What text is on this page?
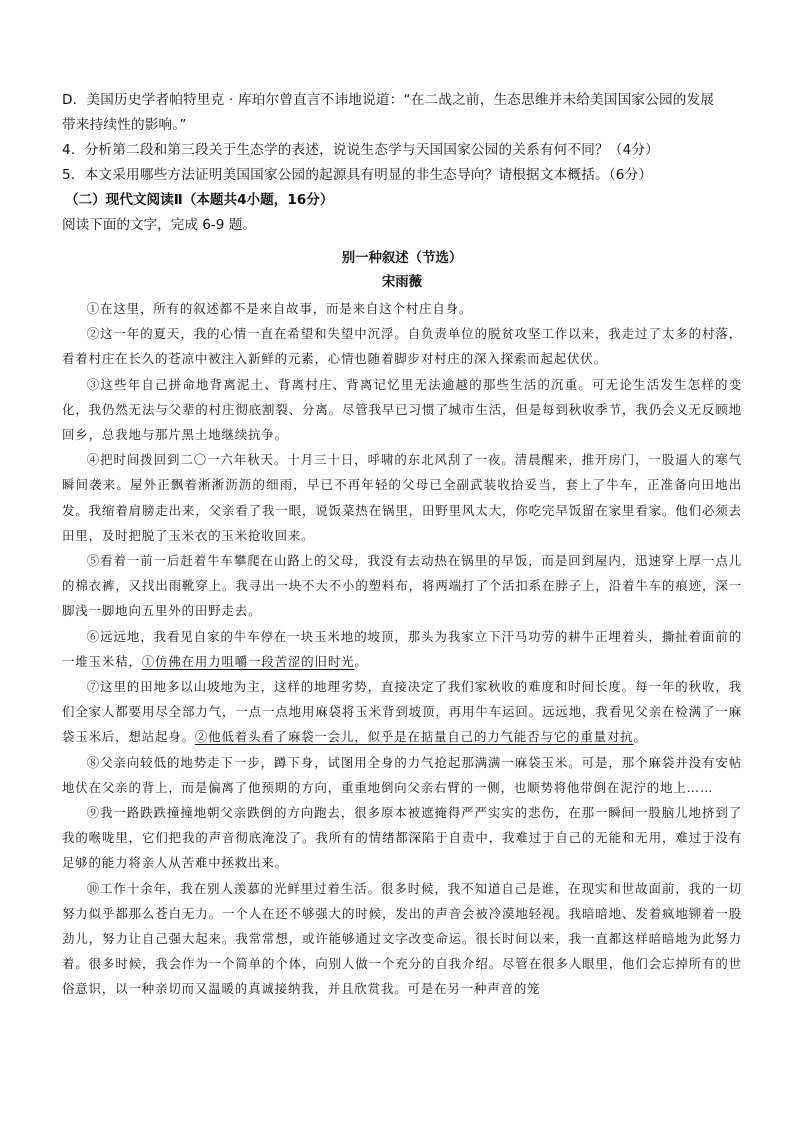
D．美国历史学者帕特里克 · 库珀尔曾直言不讳地说道：“在二战之前，生态思维并未给美国国家公园的发展

带来持续性的影响。”

4．分析第二段和第三段关于生态学的表述，说说生态学与天国国家公园的关系有何不同？（4分）

5．本文采用哪些方法证明美国国家公园的起源具有明显的非生态导向？请根据文本概括。（6分）

（二）现代文阅读Ⅱ（本题共4小题，16分）

阅读下面的文字，完成 6-9 题。

别一种叙述（节选）

宋雨薇

①在这里，所有的叙述都不是来自故事，而是来自这个村庄自身。

②这一年的夏天，我的心情一直在希望和失望中沉浮。自负责单位的脱贫攻坚工作以来，我走过了太多的村落，看着村庄在长久的苍凉中被注入新鲜的元素，心情也随着脚步对村庄的深入探索而起起伏伏。

③这些年自己拼命地背离泥土、背离村庄、背离记忆里无法逾越的那些生活的沉重。可无论生活发生怎样的变化，我仍然无法与父辈的村庄彻底割裂、分离。尽管我早已习惯了城市生活，但是每到秋收季节，我仍会义无反顾地回乡，总我地与那片黑土地继续抗争。

④把时间拨回到二〇一六年秋天。十月三十日，呼啸的东北风刮了一夜。清晨醒来，推开房门，一股逼人的寒气瞬间袭来。屋外正飘着淅淅沥沥的细雨，早已不再年轻的父母已全副武装收拾妥当，套上了牛车，正准备向田地出发。我缩着肩膀走出来，父亲看了我一眼，说饭菜热在锅里，田野里风太大，你吃完早饭留在家里看家。他们必须去田里，及时把脱了玉米衣的玉米抢收回来。

⑤看着一前一后赶着牛车攀爬在山路上的父母，我没有去动热在锅里的早饭，而是回到屋内，迅速穿上厚一点儿的棉衣裤，又找出雨靴穿上。我寻出一块不大不小的塑料布，将两端打了个活扣系在脖子上，沿着牛车的痕迹，深一脚浅一脚地向五里外的田野走去。

⑥远远地，我看见自家的牛车停在一块玉米地的坡顶，那头为我家立下汗马功劳的耕牛正埋着头，撕扯着面前的一堆玉米秸，①仿佛在用力咀嚼一段苦涩的旧时光。

⑦这里的田地多以山坡地为主，这样的地理劣势，直接决定了我们家秋收的难度和时间长度。每一年的秋收，我们全家人都要用尽全部力气，一点一点地用麻袋将玉米背到坡顶，再用牛车运回。远远地，我看见父亲在检满了一麻袋玉米后，想站起身。②他低着头看了麻袋一会儿，似乎是在掂量自己的力气能否与它的重量对抗。

⑧父亲向较低的地势走下一步，蹲下身，试图用全身的力气抢起那满满一麻袋玉米。可是，那个麻袋并没有安帖地伏在父亲的背上，而是偏离了他预期的方向，重重地倒向父亲右臂的一侧，也顺势将他带倒在泥泞的地上……

⑨我一路跌跌撞撞地朝父亲跌倒的方向跑去，很多原本被遮掩得严严实实的悲伤，在那一瞬间一股脑儿地挤到了我的喉咙里，它们把我的声音彻底淹没了。我所有的情绪都深陷于自责中，我难过于自己的无能和无用，难过于没有足够的能力将亲人从苦难中拯救出来。

⑩工作十余年，我在别人羡慕的光鲜里过着生活。很多时候，我不知道自己是谁，在现实和世故面前，我的一切努力似乎都那么苍白无力。一个人在还不够强大的时候，发出的声音会被冷漠地轻视。我暗暗地、发着疯地铆着一股劲儿，努力让自己强大起来。我常常想，或许能够通过文字改变命运。很长时间以来，我一直都这样暗暗地为此努力着。很多时候，我会作为一个简单的个体，向别人做一个充分的自我介绍。尽管在很多人眼里，他们会忘掉所有的世俗意识，以一种亲切而又温暖的真诚接纳我，并且欣赏我。可是在另一种声音的笼
